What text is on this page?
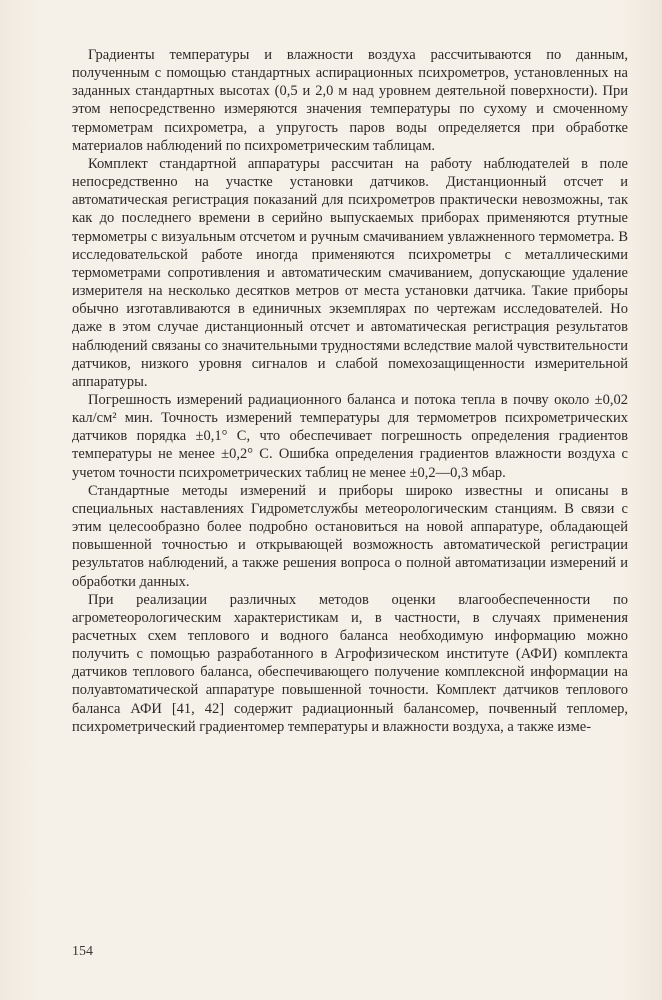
Градиенты температуры и влажности воздуха рассчитываются по данным, полученным с помощью стандартных аспирационных психрометров, установленных на заданных стандартных высотах (0,5 и 2,0 м над уровнем деятельной поверхности). При этом непосредственно измеряются значения температуры по сухому и смоченному термометрам психрометра, а упругость паров воды определяется при обработке материалов наблюдений по психрометрическим таблицам.

Комплект стандартной аппаратуры рассчитан на работу наблюдателей в поле непосредственно на участке установки датчиков. Дистанционный отсчет и автоматическая регистрация показаний для психрометров практически невозможны, так как до последнего времени в серийно выпускаемых приборах применяются ртутные термометры с визуальным отсчетом и ручным смачиванием увлажненного термометра. В исследовательской работе иногда применяются психрометры с металлическими термометрами сопротивления и автоматическим смачиванием, допускающие удаление измерителя на несколько десятков метров от места установки датчика. Такие приборы обычно изготавливаются в единичных экземплярах по чертежам исследователей. Но даже в этом случае дистанционный отсчет и автоматическая регистрация результатов наблюдений связаны со значительными трудностями вследствие малой чувствительности датчиков, низкого уровня сигналов и слабой помехозащищенности измерительной аппаратуры.

Погрешность измерений радиационного баланса и потока тепла в почву около ±0,02 кал/см² мин. Точность измерений температуры для термометров психрометрических датчиков порядка ±0,1° С, что обеспечивает погрешность определения градиентов температуры не менее ±0,2° С. Ошибка определения градиентов влажности воздуха с учетом точности психрометрических таблиц не менее ±0,2—0,3 мбар.

Стандартные методы измерений и приборы широко известны и описаны в специальных наставлениях Гидрометслужбы метеорологическим станциям. В связи с этим целесообразно более подробно остановиться на новой аппаратуре, обладающей повышенной точностью и открывающей возможность автоматической регистрации результатов наблюдений, а также решения вопроса о полной автоматизации измерений и обработки данных.

При реализации различных методов оценки влагообеспеченности по агрометеорологическим характеристикам и, в частности, в случаях применения расчетных схем теплового и водного баланса необходимую информацию можно получить с помощью разработанного в Агрофизическом институте (АФИ) комплекта датчиков теплового баланса, обеспечивающего получение комплексной информации на полуавтоматической аппаратуре повышенной точности. Комплект датчиков теплового баланса АФИ [41, 42] содержит радиационный балансомер, почвенный тепломер, психрометрический градиентомер температуры и влажности воздуха, а также изме-

154
